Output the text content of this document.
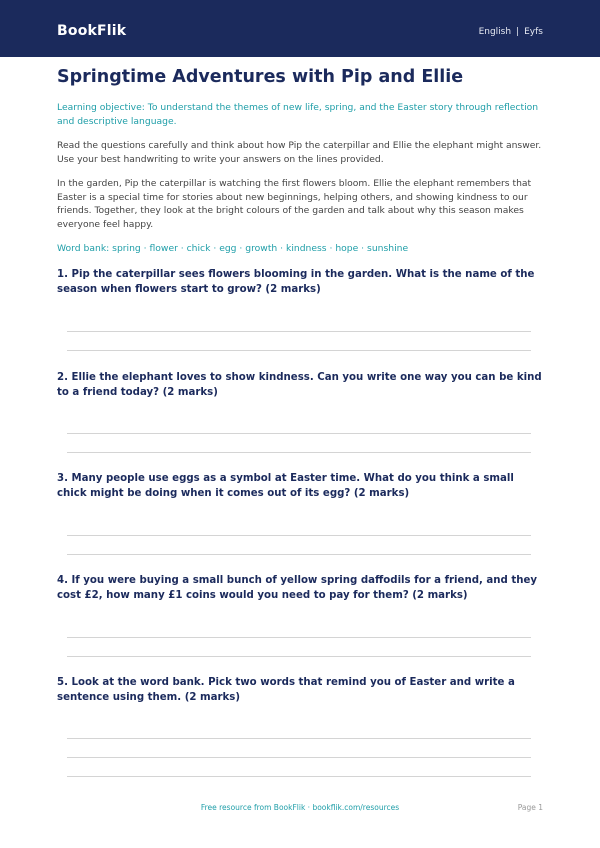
BookFlik	English | Eyfs
Springtime Adventures with Pip and Ellie
Learning objective: To understand the themes of new life, spring, and the Easter story through reflection and descriptive language.
Read the questions carefully and think about how Pip the caterpillar and Ellie the elephant might answer. Use your best handwriting to write your answers on the lines provided.
In the garden, Pip the caterpillar is watching the first flowers bloom. Ellie the elephant remembers that Easter is a special time for stories about new beginnings, helping others, and showing kindness to our friends. Together, they look at the bright colours of the garden and talk about why this season makes everyone feel happy.
Word bank: spring · flower · chick · egg · growth · kindness · hope · sunshine
1. Pip the caterpillar sees flowers blooming in the garden. What is the name of the season when flowers start to grow? (2 marks)
2. Ellie the elephant loves to show kindness. Can you write one way you can be kind to a friend today? (2 marks)
3. Many people use eggs as a symbol at Easter time. What do you think a small chick might be doing when it comes out of its egg? (2 marks)
4. If you were buying a small bunch of yellow spring daffodils for a friend, and they cost £2, how many £1 coins would you need to pay for them? (2 marks)
5. Look at the word bank. Pick two words that remind you of Easter and write a sentence using them. (2 marks)
Free resource from BookFlik · bookflik.com/resources	Page 1
